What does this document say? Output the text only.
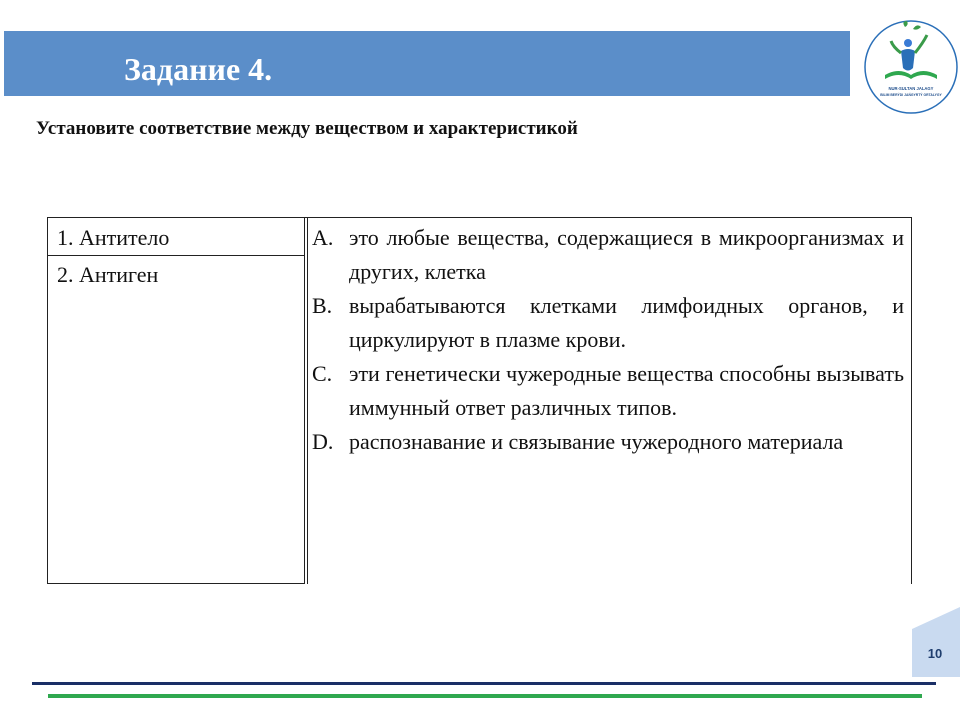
Задание 4.
NUR-SULTAN JALAGY
BILIM BERÝDI JAŃGYRTÝ ORTALYGY
Установите соответствие между веществом и характеристикой
1. Антитело
2. Антиген
A. это любые вещества, содержащиеся в микроорганизмах и других, клетка
B. вырабатываются клетками лимфоидных органов, и циркулируют в плазме крови.
C. эти генетически чужеродные вещества способны вызывать иммунный ответ различных типов.
D. распознавание и связывание чужеродного материала
10
